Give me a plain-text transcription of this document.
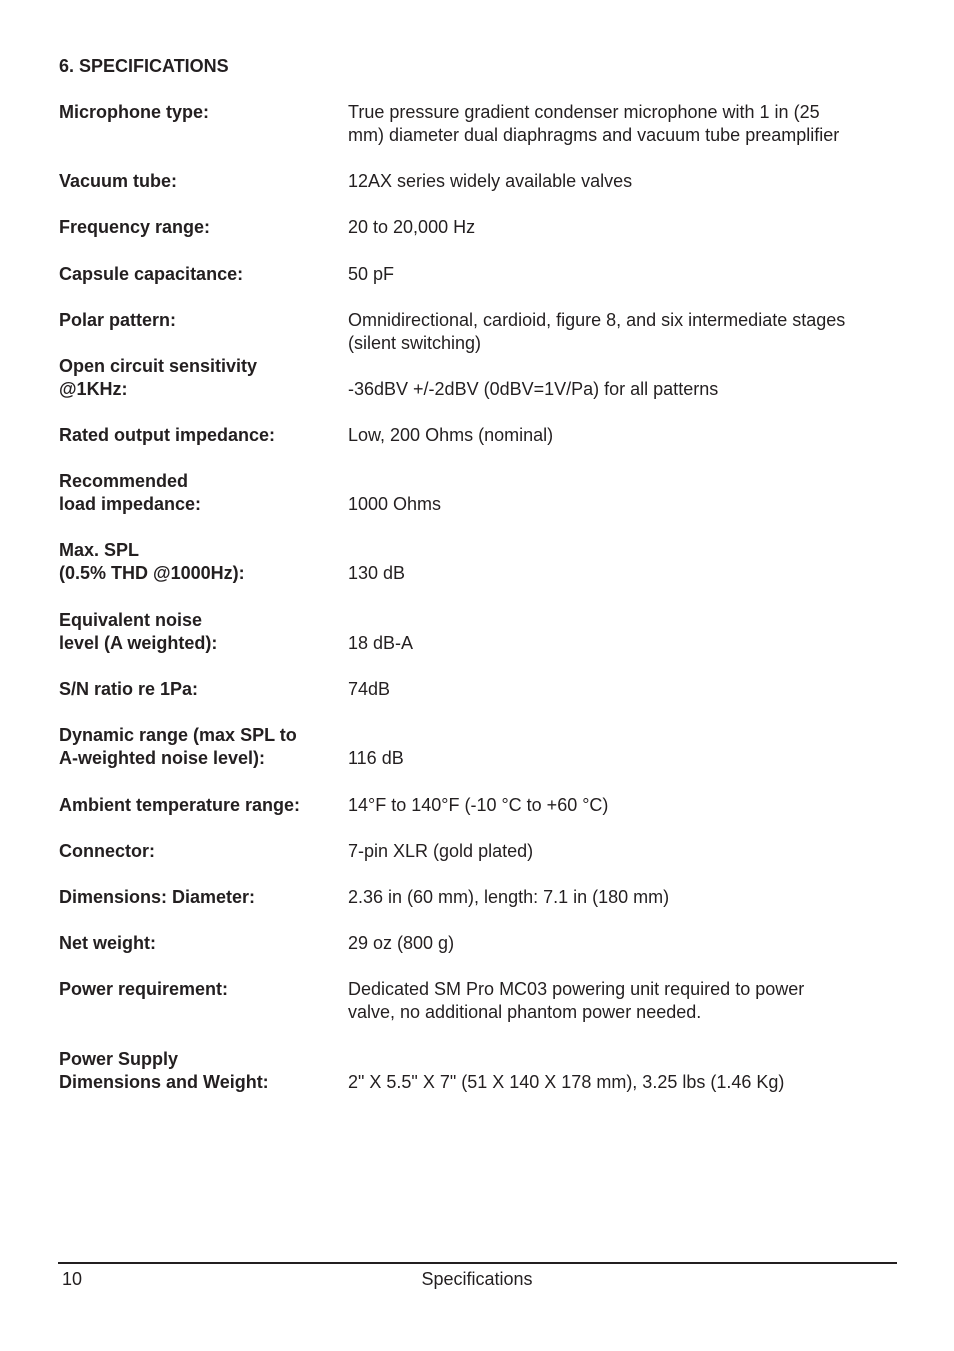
6. SPECIFICATIONS
Microphone type:	True pressure gradient condenser microphone with 1 in (25
mm) diameter dual diaphragms and vacuum tube preamplifier
Vacuum tube:	12AX series widely available valves
Frequency range:	20 to 20,000 Hz
Capsule capacitance:	50 pF
Polar pattern:	Omnidirectional, cardioid, figure 8, and six intermediate stages
(silent switching)
Open circuit sensitivity
@1KHz:	-36dBV +/-2dBV (0dBV=1V/Pa) for all patterns
Rated output impedance:	Low, 200 Ohms (nominal)
Recommended
load impedance:	1000 Ohms
Max. SPL
(0.5% THD @1000Hz):	130 dB
Equivalent noise
level (A weighted):	18 dB-A
S/N ratio re 1Pa:	74dB
Dynamic range (max SPL to
A-weighted noise level):	116 dB
Ambient temperature range:	14°F to 140°F (-10 °C to +60 °C)
Connector:	7-pin XLR (gold plated)
Dimensions: Diameter:	2.36 in (60 mm), length: 7.1 in (180 mm)
Net weight:	29 oz (800 g)
Power requirement:	Dedicated SM Pro MC03 powering unit required to power
valve, no additional phantom power needed.
Power Supply
Dimensions and Weight:	2" X 5.5" X 7" (51 X 140 X 178 mm), 3.25 lbs (1.46 Kg)
10	Specifications
